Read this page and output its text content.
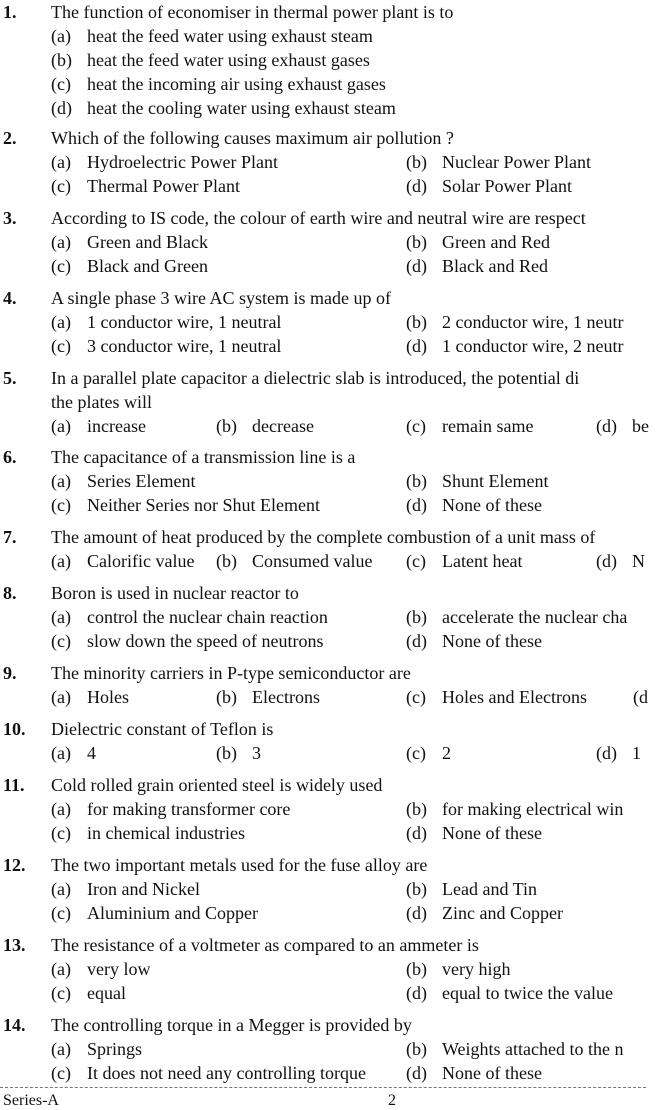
1. The function of economiser in thermal power plant is to
(a) heat the feed water using exhaust steam
(b) heat the feed water using exhaust gases
(c) heat the incoming air using exhaust gases
(d) heat the cooling water using exhaust steam
2. Which of the following causes maximum air pollution ?
(a) Hydroelectric Power Plant	(b) Nuclear Power Plant
(c) Thermal Power Plant	(d) Solar Power Plant
3. According to IS code, the colour of earth wire and neutral wire are respect
(a) Green and Black	(b) Green and Red
(c) Black and Green	(d) Black and Red
4. A single phase 3 wire AC system is made up of
(a) 1 conductor wire, 1 neutral	(b) 2 conductor wire, 1 neutr
(c) 3 conductor wire, 1 neutral	(d) 1 conductor wire, 2 neutr
5. In a parallel plate capacitor a dielectric slab is introduced, the potential di
the plates will
(a) increase	(b) decrease	(c) remain same	(d) be
6. The capacitance of a transmission line is a
(a) Series Element	(b) Shunt Element
(c) Neither Series nor Shut Element	(d) None of these
7. The amount of heat produced by the complete combustion of a unit mass of
(a) Calorific value (b) Consumed value (c) Latent heat	(d) N
8. Boron is used in nuclear reactor to
(a) control the nuclear chain reaction	(b) accelerate the nuclear cha
(c) slow down the speed of neutrons	(d) None of these
9. The minority carriers in P-type semiconductor are
(a) Holes	(b) Electrons	(c) Holes and Electrons	(d
10. Dielectric constant of Teflon is
(a) 4	(b) 3	(c) 2	(d) 1
11. Cold rolled grain oriented steel is widely used
(a) for making transformer core	(b) for making electrical win
(c) in chemical industries	(d) None of these
12. The two important metals used for the fuse alloy are
(a) Iron and Nickel	(b) Lead and Tin
(c) Aluminium and Copper	(d) Zinc and Copper
13. The resistance of a voltmeter as compared to an ammeter is
(a) very low	(b) very high
(c) equal	(d) equal to twice the value
14. The controlling torque in a Megger is provided by
(a) Springs	(b) Weights attached to the n
(c) It does not need any controlling torque (d) None of these
Series-A	2
